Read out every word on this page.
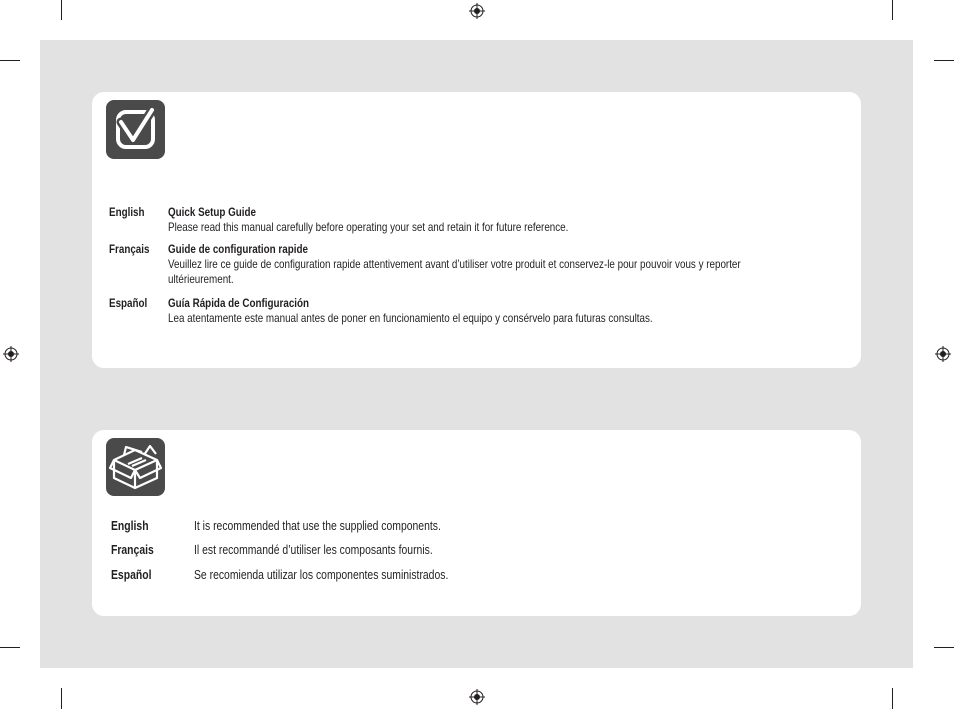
English Quick Setup Guide
Please read this manual carefully before operating your set and retain it for future reference.
Français Guide de configuration rapide
Veuillez lire ce guide de configuration rapide attentivement avant d’utiliser votre produit et conservez-le pour pouvoir vous y reporter ultérieurement.
Español Guía Rápida de Configuración
Lea atentamente este manual antes de poner en funcionamiento el equipo y consérvelo para futuras consultas.
English	It is recommended that use the supplied components.
Français	Il est recommandé d’utiliser les composants fournis.
Español	Se recomienda utilizar los componentes suministrados.
